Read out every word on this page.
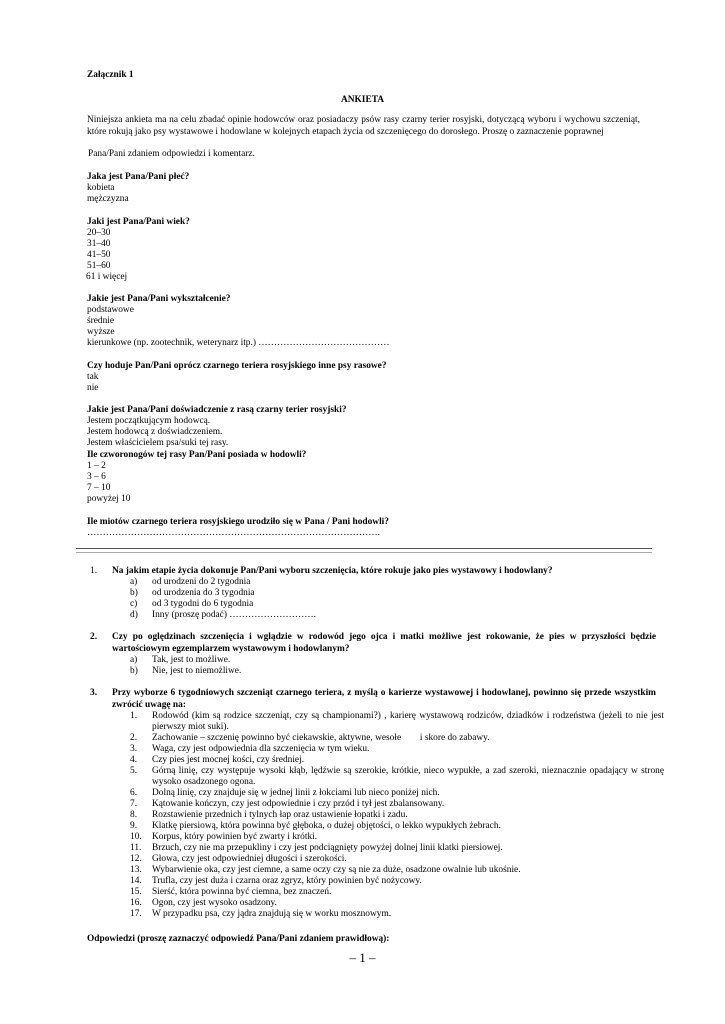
Załącznik 1
ANKIETA
Niniejsza ankieta ma na celu zbadać opinie hodowców oraz posiadaczy psów rasy czarny terier rosyjski, dotyczącą wyboru i wychowu szczeniąt, które rokują jako psy wystawowe i hodowlane w kolejnych etapach życia od szczenięcego do dorosłego. Proszę o zaznaczenie poprawnej
Pana/Pani zdaniem odpowiedzi i komentarz.
Jaka jest Pana/Pani płeć?
kobieta
mężczyzna
Jaki jest Pana/Pani wiek?
20–30
31–40
41–50
51–60
61 i więcej
Jakie jest Pana/Pani wykształcenie?
podstawowe
średnie
wyższe
kierunkowe (np. zootechnik, weterynarz itp.) ……………………………………
Czy hoduje Pan/Pani oprócz czarnego teriera rosyjskiego inne psy rasowe?
tak
nie
Jakie jest Pana/Pani doświadczenie z rasą czarny terier rosyjski?
Jestem początkującym hodowcą.
Jestem hodowcą z doświadczeniem.
Jestem właścicielem psa/suki tej rasy.
Ile czworonogów tej rasy Pan/Pani posiada w hodowli?
1 – 2
3 – 6
7 – 10
powyżej 10
Ile miotów czarnego teriera rosyjskiego urodziło się w Pana / Pani hodowli?
………………………………………………………………………………….
1. Na jakim etapie życia dokonuje Pan/Pani wyboru szczenięcia, które rokuje jako pies wystawowy i hodowlany?
a) od urodzeni do 2 tygodnia
b) od urodzenia do 3 tygodnia
c) od 3 tygodni do 6 tygodnia
d) Inny (proszę podać) ……………………….
2. Czy po oględzinach szczenięcia i wglądzie w rodowód jego ojca i matki możliwe jest rokowanie, że pies w przyszłości będzie wartościowym egzemplarzem wystawowym i hodowlanym?
a) Tak, jest to możliwe.
b) Nie, jest to niemożliwe.
3. Przy wyborze 6 tygodniowych szczeniąt czarnego teriera, z myślą o karierze wystawowej i hodowlanej, powinno się przede wszystkim zwrócić uwagę na:
1. Rodowód (kim są rodzice szczeniąt, czy są championami?) , karierę wystawową rodziców, dziadków i rodzeństwa (jeżeli to nie jest pierwszy miot suki).
2. Zachowanie – szczenię powinno być ciekawskie, aktywne, wesołe        i skore do zabawy.
3. Waga, czy jest odpowiednia dla szczenięcia w tym wieku.
4. Czy pies jest mocnej kości, czy średniej.
5. Górną linię, czy występuje wysoki kłąb, lędźwie są szerokie, krótkie, nieco wypukłe, a zad szeroki, nieznacznie opadający w stronę wysoko osadzonego ogona.
6. Dolną linię, czy znajduje się w jednej linii z łokciami lub nieco poniżej nich.
7. Kątowanie kończyn, czy jest odpowiednie i czy przód i tył jest zbalansowany.
8. Rozstawienie przednich i tylnych łap oraz ustawienie łopatki i zadu.
9. Klatkę piersiową, która powinna być głęboka, o dużej objętości, o lekko wypukłych żebrach.
10. Korpus, który powinien być zwarty i krótki.
11. Brzuch, czy nie ma przepukliny i czy jest podciągnięty powyżej dolnej linii klatki piersiowej.
12. Głowa, czy jest odpowiedniej długości i szerokości.
13. Wybarwienie oka, czy jest ciemne, a same oczy czy są nie za duże, osadzone owalnie lub ukośnie.
14. Trufla, czy jest duża i czarna oraz zgryz, który powinien być nożycowy.
15. Sierść, która powinna być ciemna, bez znaczeń.
16. Ogon, czy jest wysoko osadzony.
17. W przypadku psa, czy jądra znajdują się w worku mosznowym.
Odpowiedzi (proszę zaznaczyć odpowiedź Pana/Pani zdaniem prawidłową):
– 1 –
